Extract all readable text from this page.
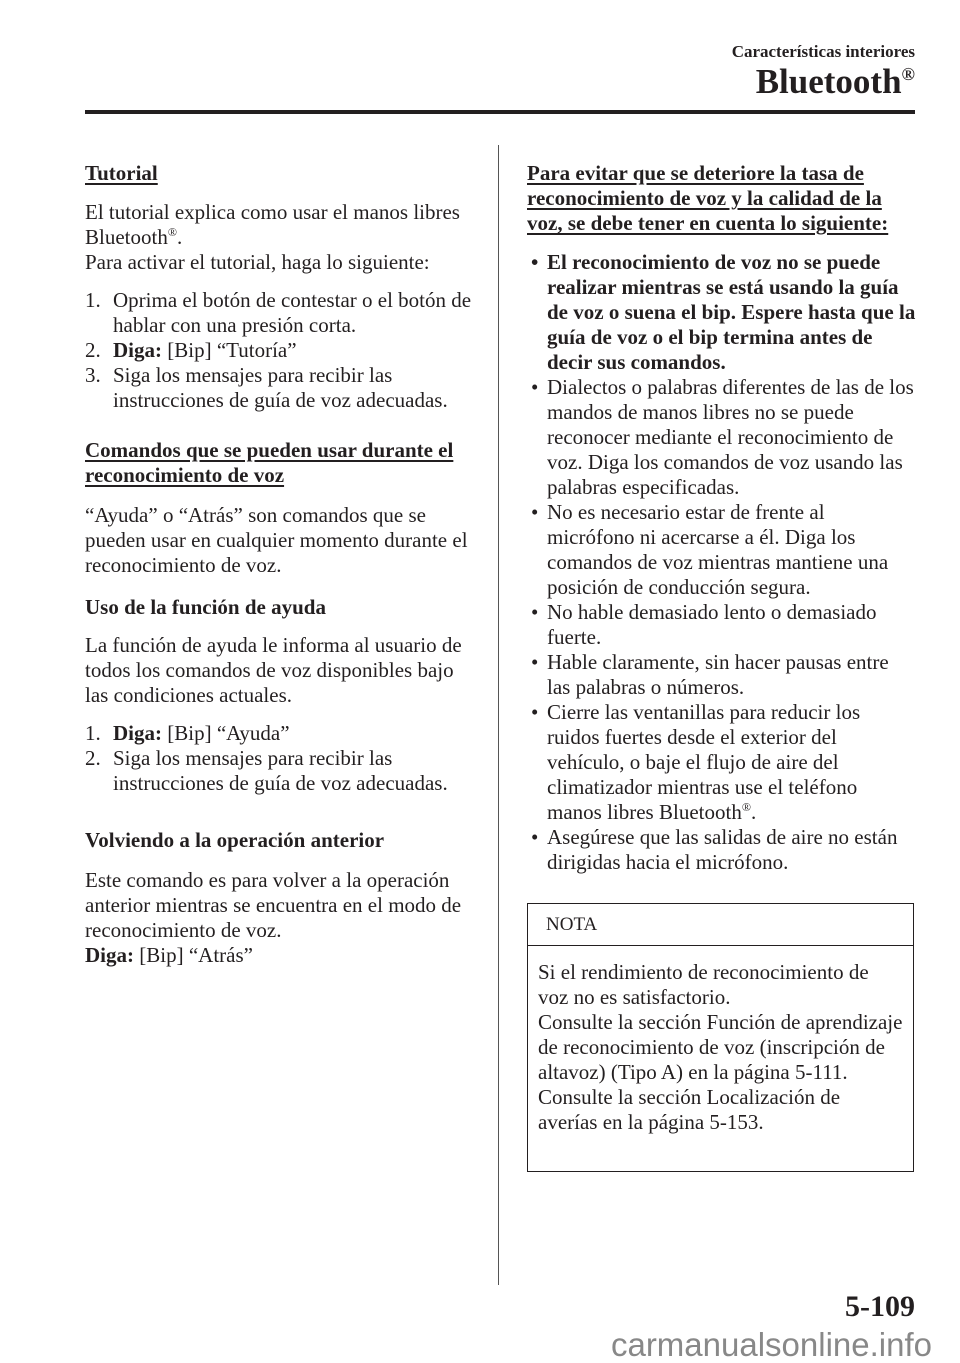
Características interiores
Bluetooth®
Tutorial
El tutorial explica como usar el manos libres Bluetooth®.
Para activar el tutorial, haga lo siguiente:
1. Oprima el botón de contestar o el botón de hablar con una presión corta.
2. Diga: [Bip] “Tutoría”
3. Siga los mensajes para recibir las instrucciones de guía de voz adecuadas.
Comandos que se pueden usar durante el reconocimiento de voz
“Ayuda” o “Atrás” son comandos que se pueden usar en cualquier momento durante el reconocimiento de voz.
Uso de la función de ayuda
La función de ayuda le informa al usuario de todos los comandos de voz disponibles bajo las condiciones actuales.
1. Diga: [Bip] “Ayuda”
2. Siga los mensajes para recibir las instrucciones de guía de voz adecuadas.
Volviendo a la operación anterior
Este comando es para volver a la operación anterior mientras se encuentra en el modo de reconocimiento de voz.
Diga: [Bip] “Atrás”
Para evitar que se deteriore la tasa de reconocimiento de voz y la calidad de la voz, se debe tener en cuenta lo siguiente:
• El reconocimiento de voz no se puede realizar mientras se está usando la guía de voz o suena el bip. Espere hasta que la guía de voz o el bip termina antes de decir sus comandos.
• Dialectos o palabras diferentes de las de los mandos de manos libres no se puede reconocer mediante el reconocimiento de voz. Diga los comandos de voz usando las palabras especificadas.
• No es necesario estar de frente al micrófono ni acercarse a él. Diga los comandos de voz mientras mantiene una posición de conducción segura.
• No hable demasiado lento o demasiado fuerte.
• Hable claramente, sin hacer pausas entre las palabras o números.
• Cierre las ventanillas para reducir los ruidos fuertes desde el exterior del vehículo, o baje el flujo de aire del climatizador mientras use el teléfono manos libres Bluetooth®.
• Asegúrese que las salidas de aire no están dirigidas hacia el micrófono.
NOTA
Si el rendimiento de reconocimiento de voz no es satisfactorio.
Consulte la sección Función de aprendizaje de reconocimiento de voz (inscripción de altavoz) (Tipo A) en la página 5-111.
Consulte la sección Localización de averías en la página 5-153.
5-109
carmanualsonline.info
